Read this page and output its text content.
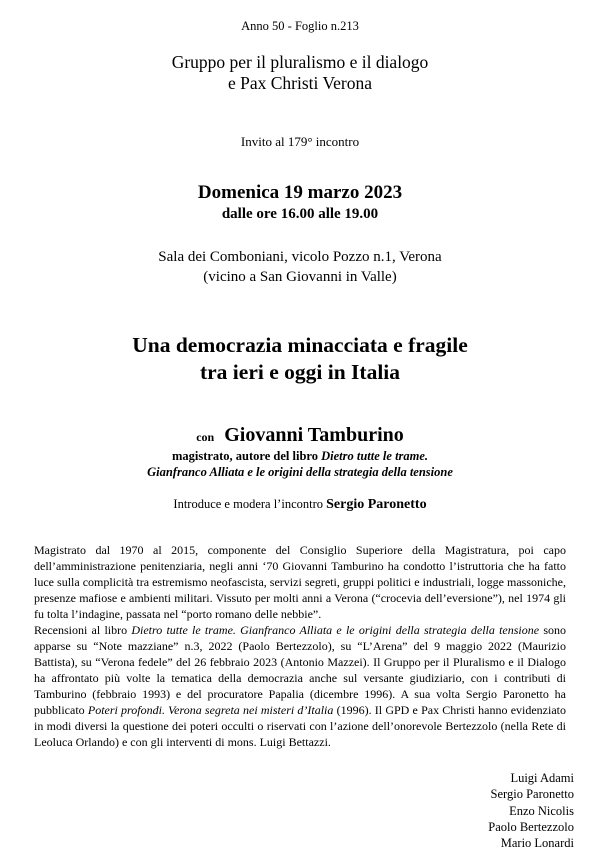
Anno 50 - Foglio n.213
Gruppo per il pluralismo e il dialogo
e Pax Christi Verona
Invito al 179° incontro
Domenica 19 marzo 2023
dalle ore 16.00 alle 19.00
Sala dei Comboniani, vicolo Pozzo n.1, Verona
(vicino a San Giovanni in Valle)
Una democrazia minacciata e fragile
tra ieri e oggi in Italia
con Giovanni Tamburino
magistrato, autore del libro Dietro tutte le trame.
Gianfranco Alliata e le origini della strategia della tensione
Introduce e modera l’incontro Sergio Paronetto

Magistrato dal 1970 al 2015, componente del Consiglio Superiore della Magistratura, poi capo dell’amministrazione penitenziaria, negli anni ‘70 Giovanni Tamburino ha condotto l’istruttoria che ha fatto luce sulla complicità tra estremismo neofascista, servizi segreti, gruppi politici e industriali, logge massoniche, presenze mafiose e ambienti militari. Vissuto per molti anni a Verona (“crocevia dell’eversione”), nel 1974 gli fu tolta l’indagine, passata nel “porto romano delle nebbie”.

Recensioni al libro Dietro tutte le trame. Gianfranco Alliata e le origini della strategia della tensione sono apparse su “Note mazziane” n.3, 2022 (Paolo Bertezzolo), su “L’Arena” del 9 maggio 2022 (Maurizio Battista), su “Verona fedele” del 26 febbraio 2023 (Antonio Mazzei). Il Gruppo per il Pluralismo e il Dialogo ha affrontato più volte la tematica della democrazia anche sul versante giudiziario, con i contributi di Tamburino (febbraio 1993) e del procuratore Papalia (dicembre 1996). A sua volta Sergio Paronetto ha pubblicato Poteri profondi. Verona segreta nei misteri d’Italia (1996). Il GPD e Pax Christi hanno evidenziato in modi diversi la questione dei poteri occulti o riservati con l’azione dell’onorevole Bertezzolo (nella Rete di Leoluca Orlando) e con gli interventi di mons. Luigi Bettazzi.

Luigi Adami
Sergio Paronetto
Enzo Nicolis
Paolo Bertezzolo
Mario Lonardi
